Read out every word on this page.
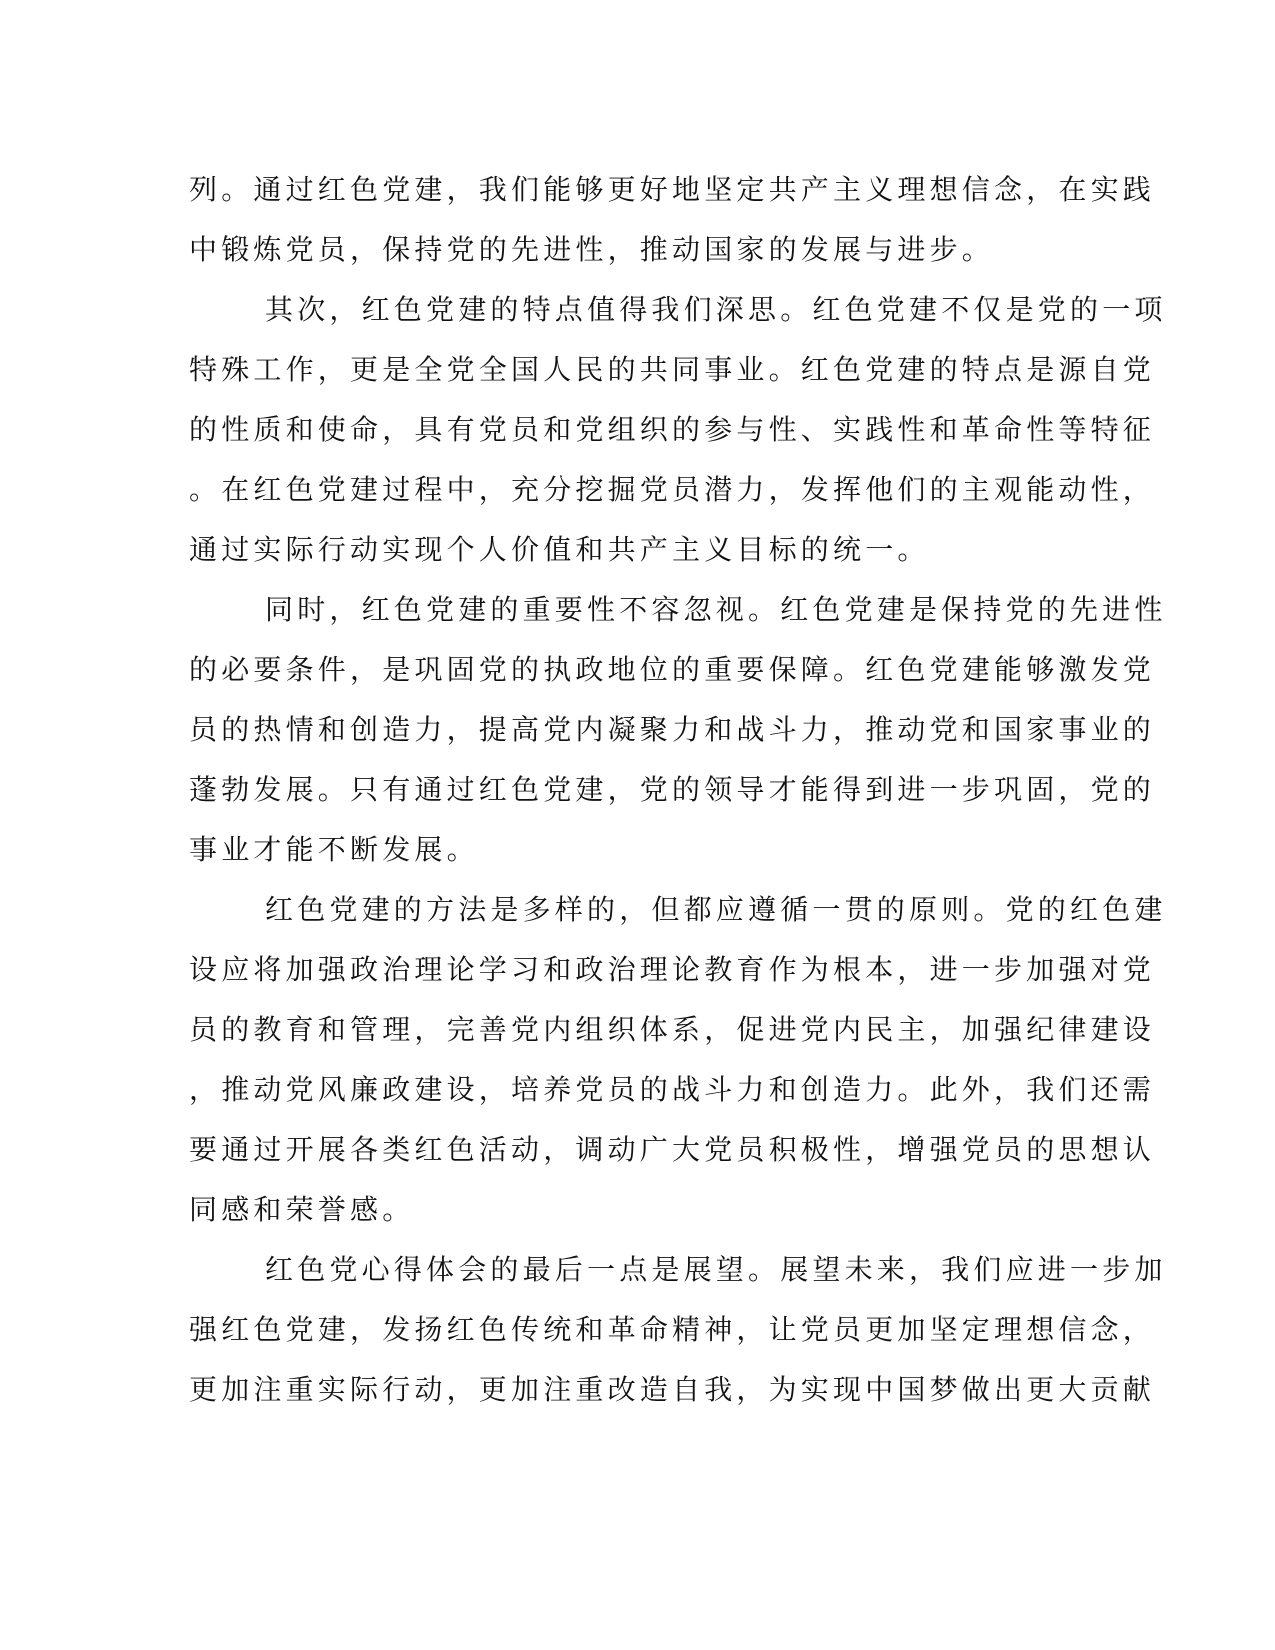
列。通过红色党建，我们能够更好地坚定共产主义理想信念，在实践
中锻炼党员，保持党的先进性，推动国家的发展与进步。
其次，红色党建的特点值得我们深思。红色党建不仅是党的一项
特殊工作，更是全党全国人民的共同事业。红色党建的特点是源自党
的性质和使命，具有党员和党组织的参与性、实践性和革命性等特征
。在红色党建过程中，充分挖掘党员潜力，发挥他们的主观能动性，
通过实际行动实现个人价值和共产主义目标的统一。
同时，红色党建的重要性不容忽视。红色党建是保持党的先进性
的必要条件，是巩固党的执政地位的重要保障。红色党建能够激发党
员的热情和创造力，提高党内凝聚力和战斗力，推动党和国家事业的
蓬勃发展。只有通过红色党建，党的领导才能得到进一步巩固，党的
事业才能不断发展。
红色党建的方法是多样的，但都应遵循一贯的原则。党的红色建
设应将加强政治理论学习和政治理论教育作为根本，进一步加强对党
员的教育和管理，完善党内组织体系，促进党内民主，加强纪律建设
，推动党风廉政建设，培养党员的战斗力和创造力。此外，我们还需
要通过开展各类红色活动，调动广大党员积极性，增强党员的思想认
同感和荣誉感。
红色党心得体会的最后一点是展望。展望未来，我们应进一步加
强红色党建，发扬红色传统和革命精神，让党员更加坚定理想信念，
更加注重实际行动，更加注重改造自我，为实现中国梦做出更大贡献
